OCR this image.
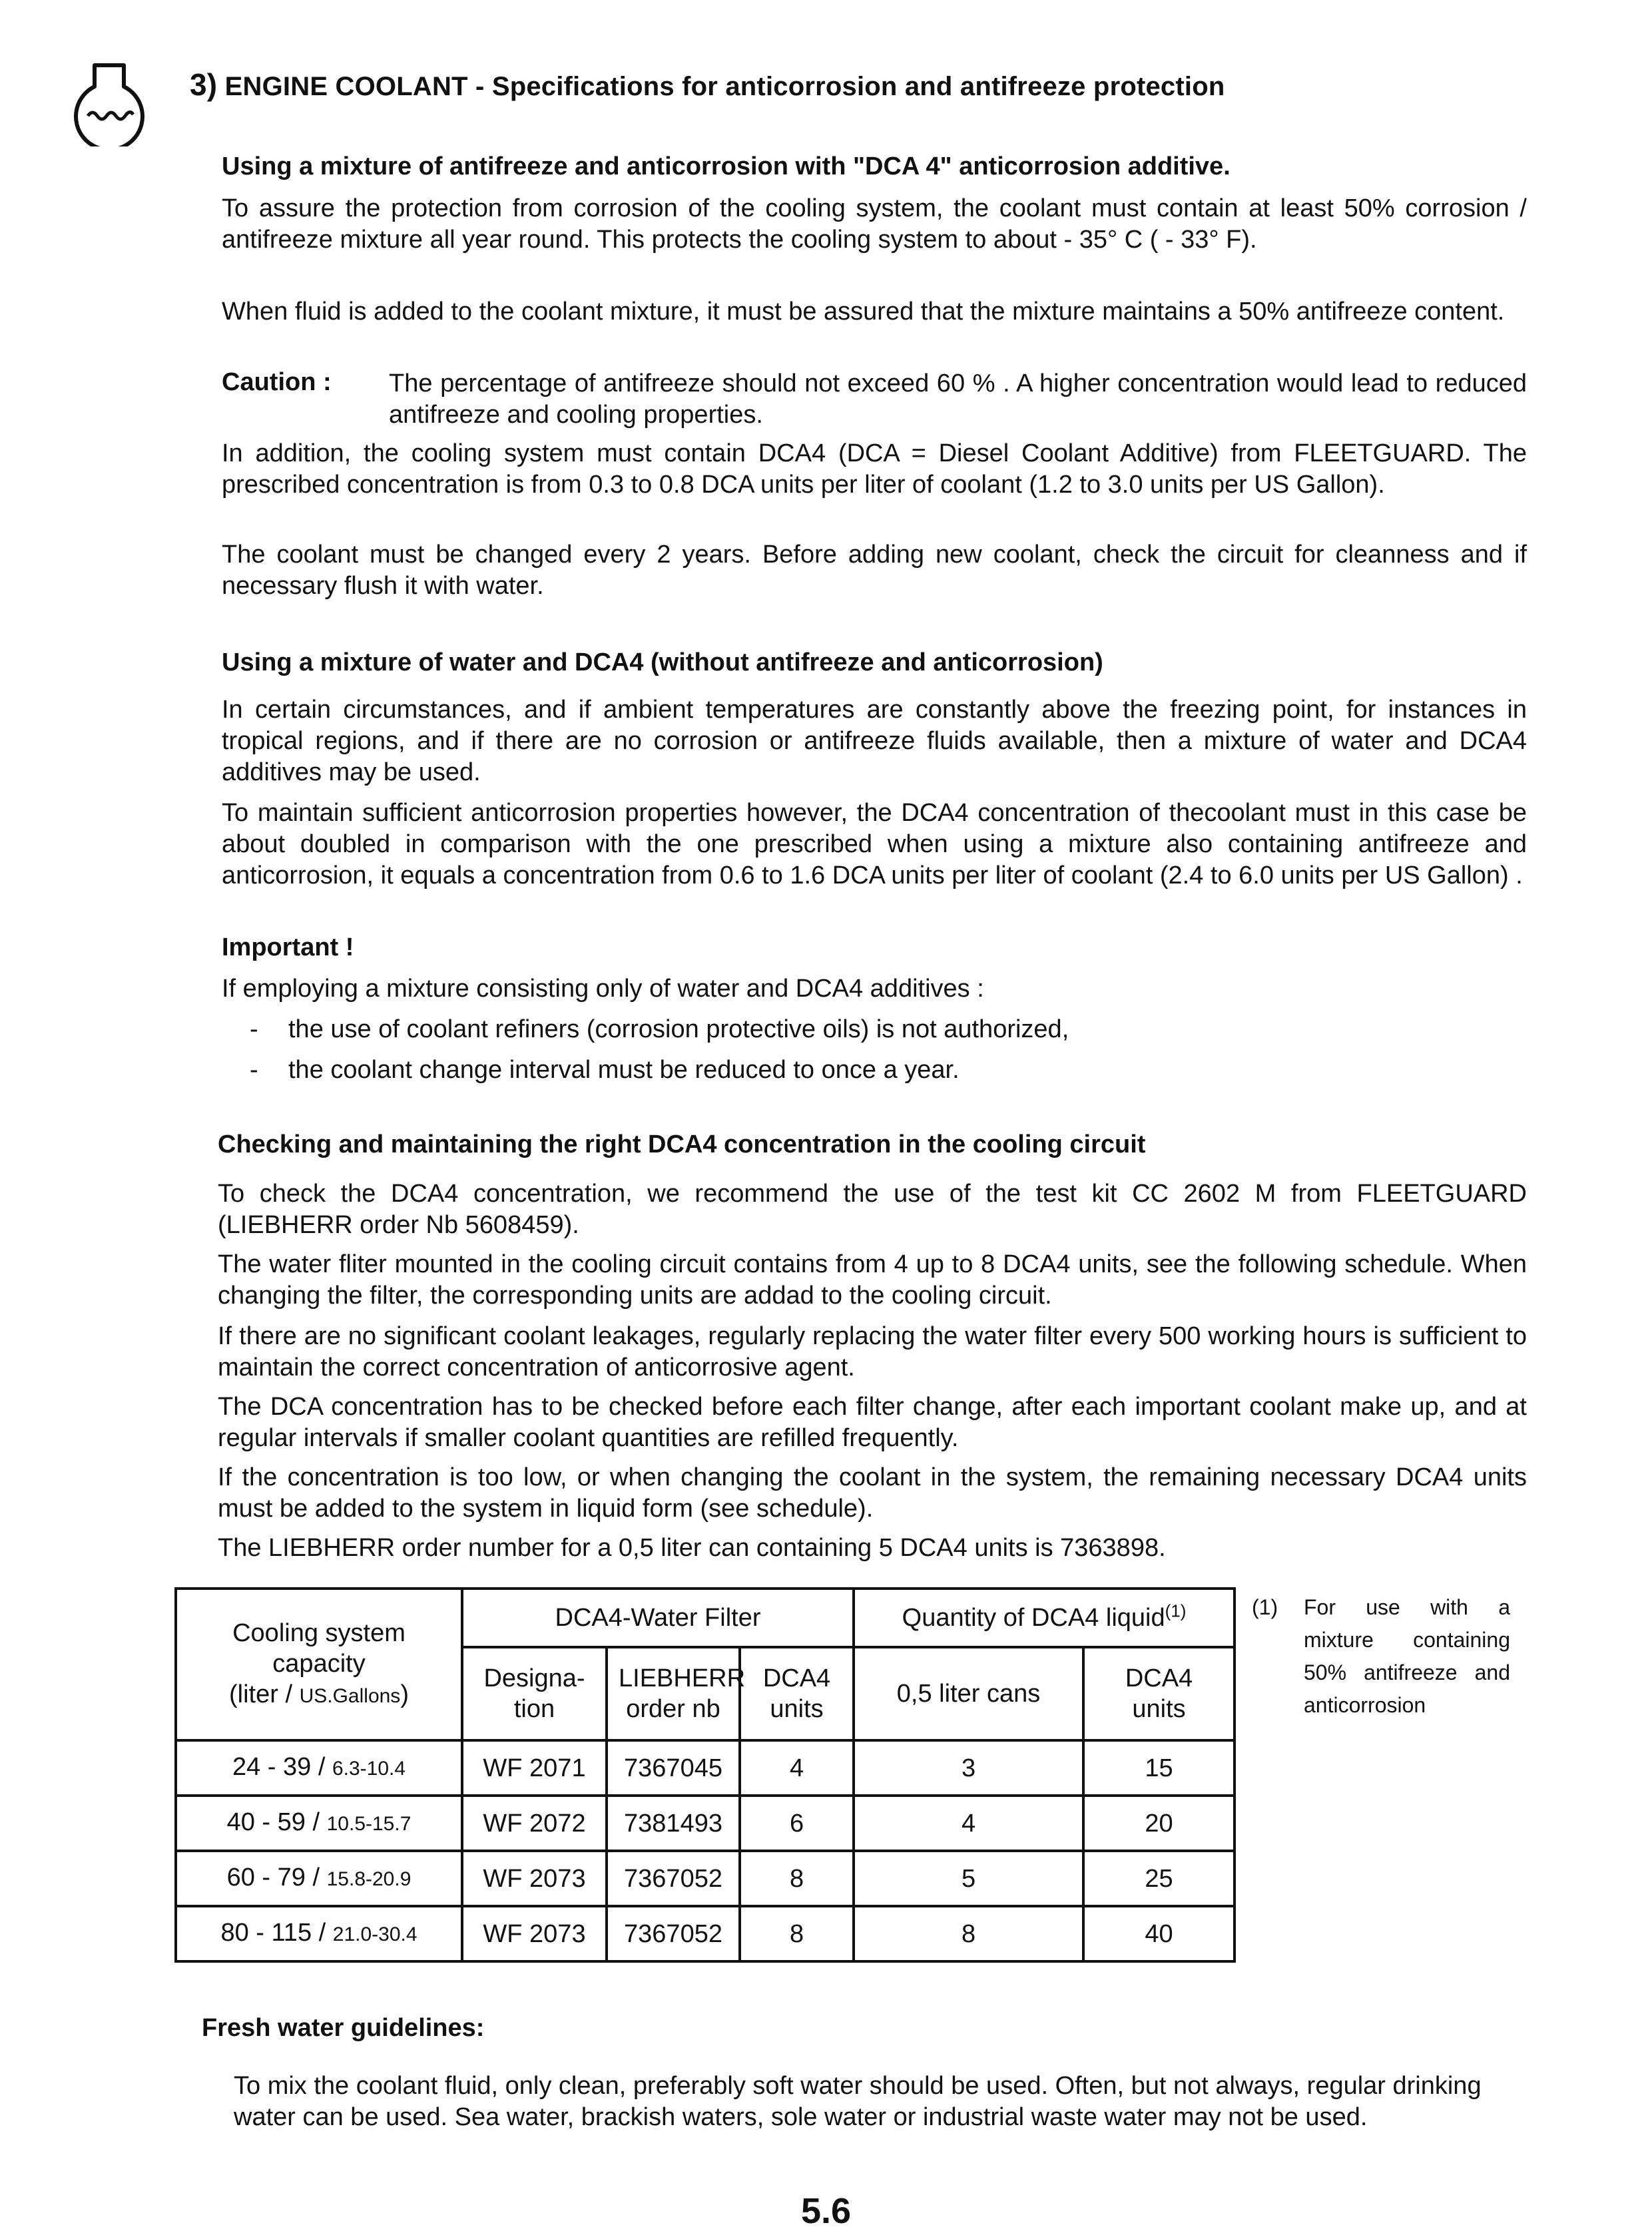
3) ENGINE COOLANT - Specifications for anticorrosion and antifreeze protection
Using a mixture of antifreeze and anticorrosion with "DCA 4" anticorrosion additive.
To assure the protection from corrosion of the cooling system, the coolant must contain at least 50% corrosion / antifreeze mixture all year round. This protects the cooling system to about - 35° C ( - 33° F).
When fluid is added to the coolant mixture, it must be assured that the mixture maintains a 50% antifreeze content.
Caution : The percentage of antifreeze should not exceed 60 % . A higher concentration would lead to reduced antifreeze and cooling properties.
In addition, the cooling system must contain DCA4 (DCA = Diesel Coolant Additive) from FLEETGUARD. The prescribed concentration is from 0.3 to 0.8 DCA units per liter of coolant (1.2 to 3.0 units per US Gallon).
The coolant must be changed every 2 years. Before adding new coolant, check the circuit for cleanness and if necessary flush it with water.
Using a mixture of water and DCA4 (without antifreeze and anticorrosion)
In certain circumstances, and if ambient temperatures are constantly above the freezing point, for instances in tropical regions, and if there are no corrosion or antifreeze fluids available, then a mixture of water and DCA4 additives may be used.
To maintain sufficient anticorrosion properties however, the DCA4 concentration of thecoolant must in this case be about doubled in comparison with the one prescribed when using a mixture also containing antifreeze and anticorrosion, it equals a concentration from 0.6 to 1.6 DCA units per liter of coolant (2.4 to 6.0 units per US Gallon) .
Important !
If employing a mixture consisting only of water and DCA4 additives :
- the use of coolant refiners (corrosion protective oils) is not authorized,
- the coolant change interval must be reduced to once a year.
Checking and maintaining the right DCA4 concentration in the cooling circuit
To check the DCA4 concentration, we recommend the use of the test kit CC 2602 M from FLEETGUARD (LIEBHERR order Nb 5608459).
The water fliter mounted in the cooling circuit contains from 4 up to 8 DCA4 units, see the following schedule. When changing the filter, the corresponding units are addad to the cooling circuit.
If there are no significant coolant leakages, regularly replacing the water filter every 500 working hours is sufficient to maintain the correct concentration of anticorrosive agent.
The DCA concentration has to be checked before each filter change, after each important coolant make up, and at regular intervals if smaller coolant quantities are refilled frequently.
If the concentration is too low, or when changing the coolant in the system, the remaining necessary DCA4 units must be added to the system in liquid form (see schedule).
The LIEBHERR order number for a 0,5 liter can containing 5 DCA4 units is 7363898.
Cooling system capacity
(liter / US.Gallons)	DCA4-Water Filter			Quantity of DCA4 liquid$^{(1)}$
	Designa-tion	LIEBHERR order nb	DCA4 units	0,5 liter cans	DCA4 units
24 - 39 / 6.3-10.4	WF 2071	7367045	4	3	15
40 - 59 / 10.5-15.7	WF 2072	7381493	6	4	20
60 - 79 / 15.8-20.9	WF 2073	7367052	8	5	25
80 - 115 / 21.0-30.4	WF 2073	7367052	8	8	40
(1) For use with a mixture containing 50% antifreeze and anticorrosion
Fresh water guidelines:
To mix the coolant fluid, only clean, preferably soft water should be used. Often, but not always, regular drinking water can be used. Sea water, brackish waters, sole water or industrial waste water may not be used.
5.6
